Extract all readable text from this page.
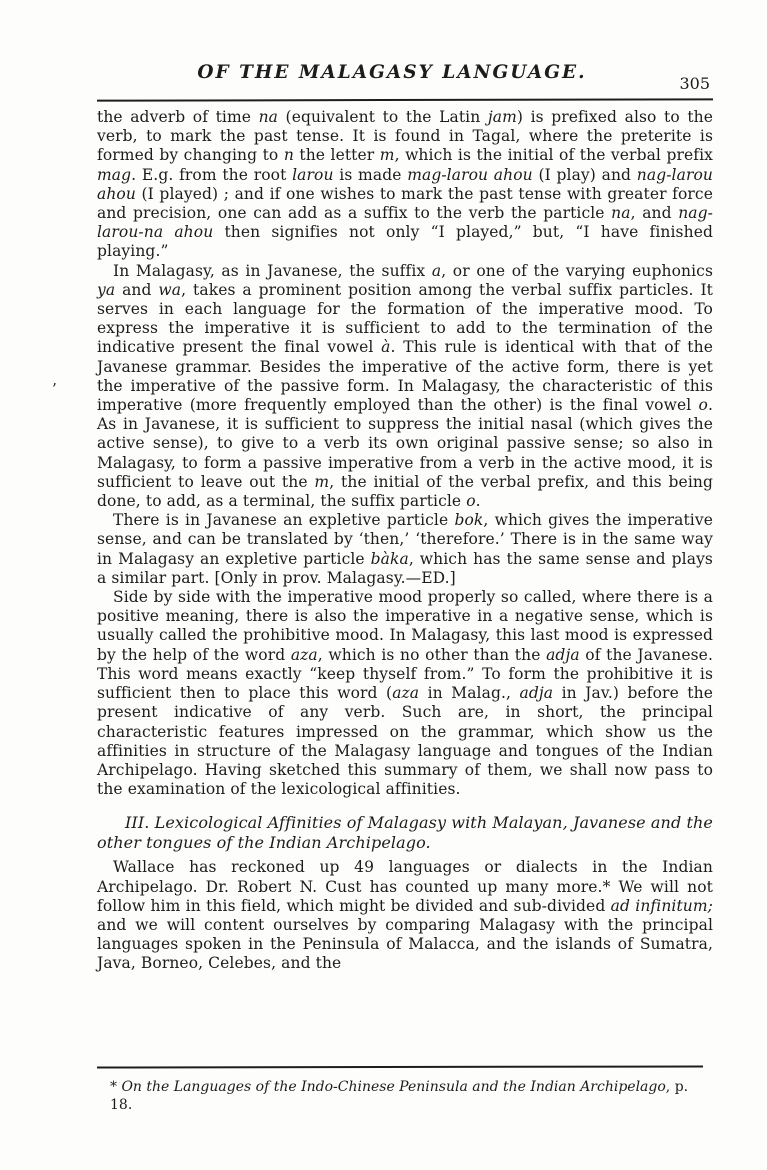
OF THE MALAGASY LANGUAGE.
305
’

the adverb of time na (equivalent to the Latin jam) is prefixed also to the verb, to mark the past tense. It is found in Tagal, where the preterite is formed by changing to n the letter m, which is the initial of the verbal prefix mag. E.g. from the root larou is made mag-larou ahou (I play) and nag-larou ahou (I played) ; and if one wishes to mark the past tense with greater force and precision, one can add as a suffix to the verb the particle na, and nag-larou-na ahou then signifies not only “I played,” but, “I have finished playing.”

In Malagasy, as in Javanese, the suffix a, or one of the varying euphonics ya and wa, takes a prominent position among the verbal suffix particles. It serves in each language for the formation of the imperative mood. To express the imperative it is sufficient to add to the termination of the indicative present the final vowel à. This rule is identical with that of the Javanese grammar. Besides the imperative of the active form, there is yet the imperative of the passive form. In Malagasy, the characteristic of this imperative (more frequently employed than the other) is the final vowel o. As in Javanese, it is sufficient to suppress the initial nasal (which gives the active sense), to give to a verb its own original passive sense; so also in Malagasy, to form a passive imperative from a verb in the active mood, it is sufficient to leave out the m, the initial of the verbal prefix, and this being done, to add, as a terminal, the suffix particle o.

There is in Javanese an expletive particle bok, which gives the imperative sense, and can be translated by ‘then,’ ‘therefore.’ There is in the same way in Malagasy an expletive particle bàka, which has the same sense and plays a similar part. [Only in prov. Malagasy.—ED.]

Side by side with the imperative mood properly so called, where there is a positive meaning, there is also the imperative in a negative sense, which is usually called the prohibitive mood. In Malagasy, this last mood is expressed by the help of the word aza, which is no other than the adja of the Javanese. This word means exactly “keep thyself from.” To form the prohibitive it is sufficient then to place this word (aza in Malag., adja in Jav.) before the present indicative of any verb. Such are, in short, the principal characteristic features impressed on the grammar, which show us the affinities in structure of the Malagasy language and tongues of the Indian Archipelago. Having sketched this summary of them, we shall now pass to the examination of the lexicological affinities.

III. Lexicological Affinities of Malagasy with Malayan, Javanese and the other tongues of the Indian Archipelago.

Wallace has reckoned up 49 languages or dialects in the Indian Archipelago. Dr. Robert N. Cust has counted up many more.* We will not follow him in this field, which might be divided and sub-divided ad infinitum; and we will content ourselves by comparing Malagasy with the principal languages spoken in the Peninsula of Malacca, and the islands of Sumatra, Java, Borneo, Celebes, and the

* On the Languages of the Indo-Chinese Peninsula and the Indian Archipelago, p. 18.
